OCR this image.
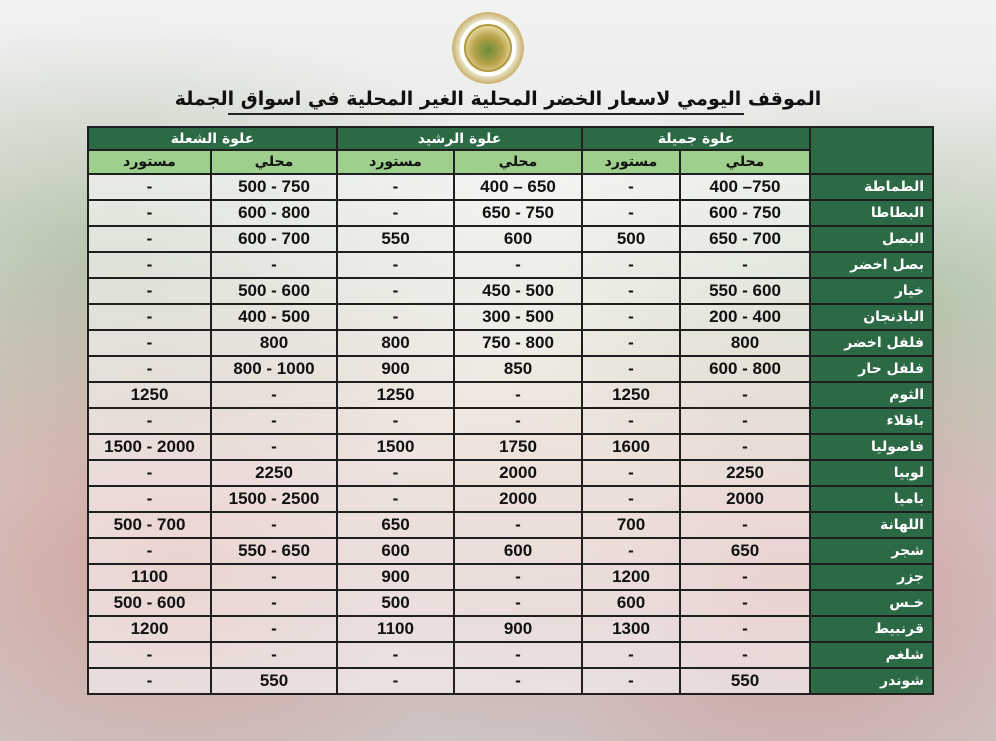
الموقف اليومي لاسعار الخضر المحلية الغير المحلية في اسواق الجملة
	علوة جميلة		علوة الرشيد		علوة الشعلة	
	محلي	مستورد	محلي	مستورد	محلي	مستورد
الطماطة	400 –750	-	400 – 650	-	500 - 750	-
البطاطا	600 - 750	-	650 - 750	-	600 - 800	-
البصل	650 - 700	500	600	550	600 - 700	-
بصل اخضر	-	-	-	-	-	-
خيار	550 - 600	-	450 - 500	-	500 - 600	-
الباذنجان	200 - 400	-	300 - 500	-	400 - 500	-
فلفل اخضر	800	-	750 - 800	800	800	-
فلفل حار	600 - 800	-	850	900	800 - 1000	-
الثوم	-	1250	-	1250	-	1250
باقلاء	-	-	-	-	-	-
فاصوليا	-	1600	1750	1500	-	1500 - 2000
لوبيا	2250	-	2000	-	2250	-
باميا	2000	-	2000	-	1500 - 2500	-
اللهانة	-	700	-	650	-	500 - 700
شجر	650	-	600	600	550 - 650	-
جزر	-	1200	-	900	-	1100
خـس	-	600	-	500	-	500 - 600
قرنبيط	-	1300	900	1100	-	1200
شلغم	-	-	-	-	-	-
شوندر	550	-	-	-	550	-
